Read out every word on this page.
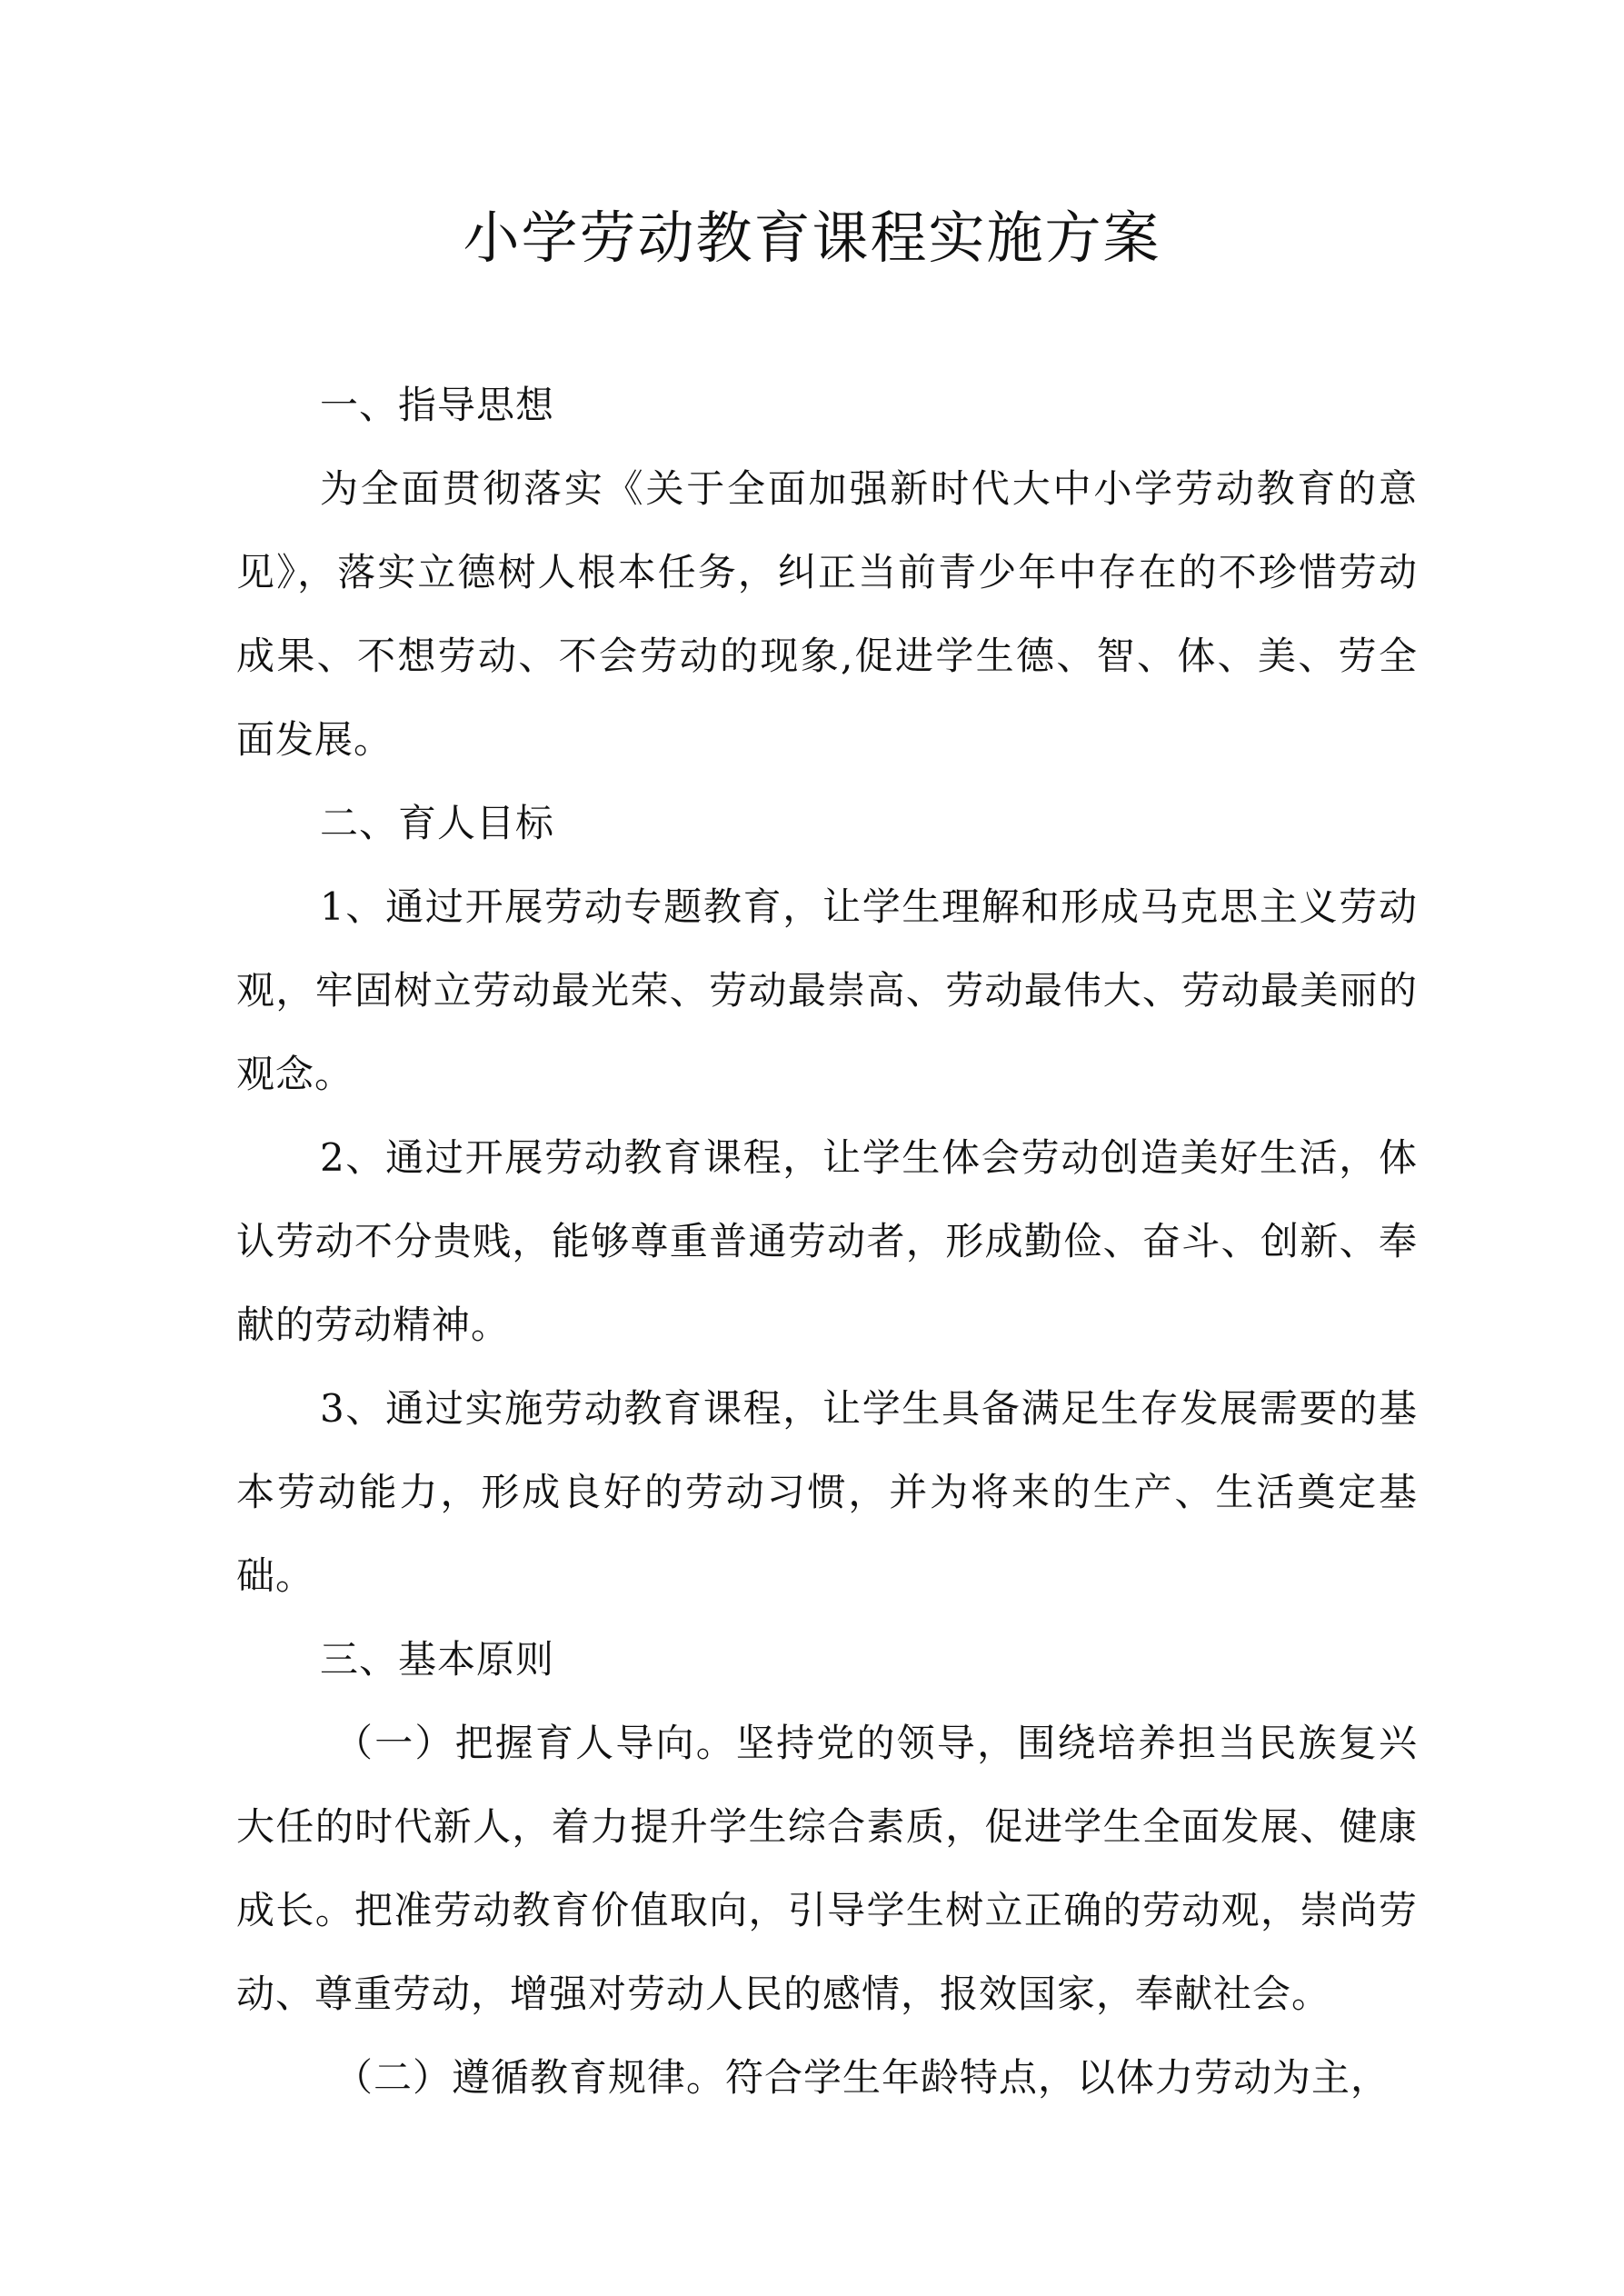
小学劳动教育课程实施方案

一、指导思想

为全面贯彻落实《关于全面加强新时代大中小学劳动教育的意见》，落实立德树人根本任务，纠正当前青少年中存在的不珍惜劳动成果、不想劳动、不会劳动的现象,促进学生德、智、体、美、劳全面发展。

二、育人目标

1、通过开展劳动专题教育，让学生理解和形成马克思主义劳动观，牢固树立劳动最光荣、劳动最崇高、劳动最伟大、劳动最美丽的观念。

2、通过开展劳动教育课程，让学生体会劳动创造美好生活，体认劳动不分贵贱，能够尊重普通劳动者，形成勤俭、奋斗、创新、奉献的劳动精神。

3、通过实施劳动教育课程，让学生具备满足生存发展需要的基本劳动能力，形成良好的劳动习惯，并为将来的生产、生活奠定基础。

三、基本原则

（一）把握育人导向。坚持党的领导，围绕培养担当民族复兴大任的时代新人，着力提升学生综合素质，促进学生全面发展、健康成长。把准劳动教育价值取向，引导学生树立正确的劳动观，崇尚劳动、尊重劳动，增强对劳动人民的感情，报效国家，奉献社会。

（二）遵循教育规律。符合学生年龄特点，以体力劳动为主，
